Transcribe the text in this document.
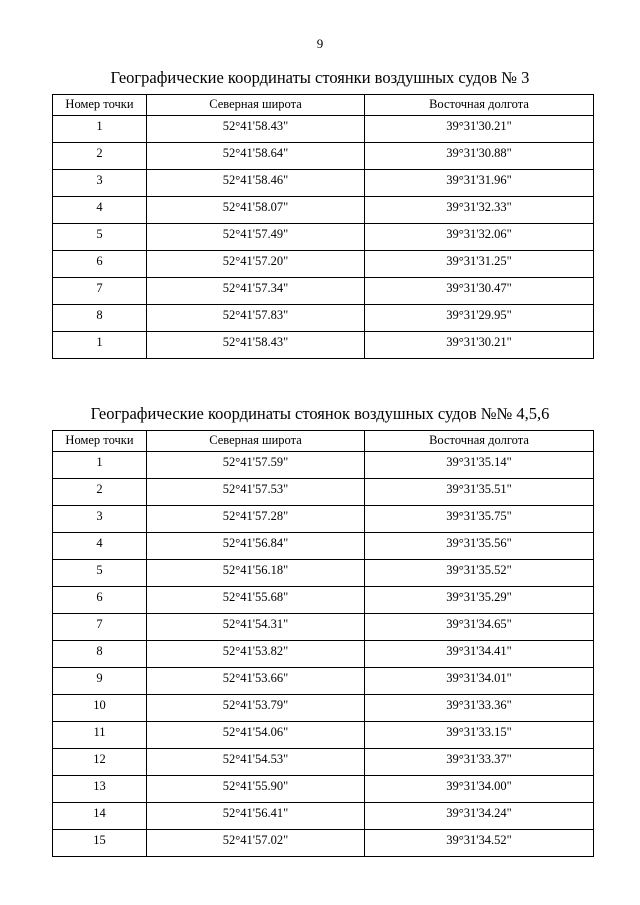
9
Географические координаты стоянки воздушных судов № 3
Номер точки	Северная широта	Восточная долгота
1	52°41'58.43"	39°31'30.21"
2	52°41'58.64"	39°31'30.88"
3	52°41'58.46"	39°31'31.96"
4	52°41'58.07"	39°31'32.33"
5	52°41'57.49"	39°31'32.06"
6	52°41'57.20"	39°31'31.25"
7	52°41'57.34"	39°31'30.47"
8	52°41'57.83"	39°31'29.95"
1	52°41'58.43"	39°31'30.21"
Географические координаты стоянок воздушных судов №№ 4,5,6
Номер точки	Северная широта	Восточная долгота
1	52°41'57.59"	39°31'35.14"
2	52°41'57.53"	39°31'35.51"
3	52°41'57.28"	39°31'35.75"
4	52°41'56.84"	39°31'35.56"
5	52°41'56.18"	39°31'35.52"
6	52°41'55.68"	39°31'35.29"
7	52°41'54.31"	39°31'34.65"
8	52°41'53.82"	39°31'34.41"
9	52°41'53.66"	39°31'34.01"
10	52°41'53.79"	39°31'33.36"
11	52°41'54.06"	39°31'33.15"
12	52°41'54.53"	39°31'33.37"
13	52°41'55.90"	39°31'34.00"
14	52°41'56.41"	39°31'34.24"
15	52°41'57.02"	39°31'34.52"
